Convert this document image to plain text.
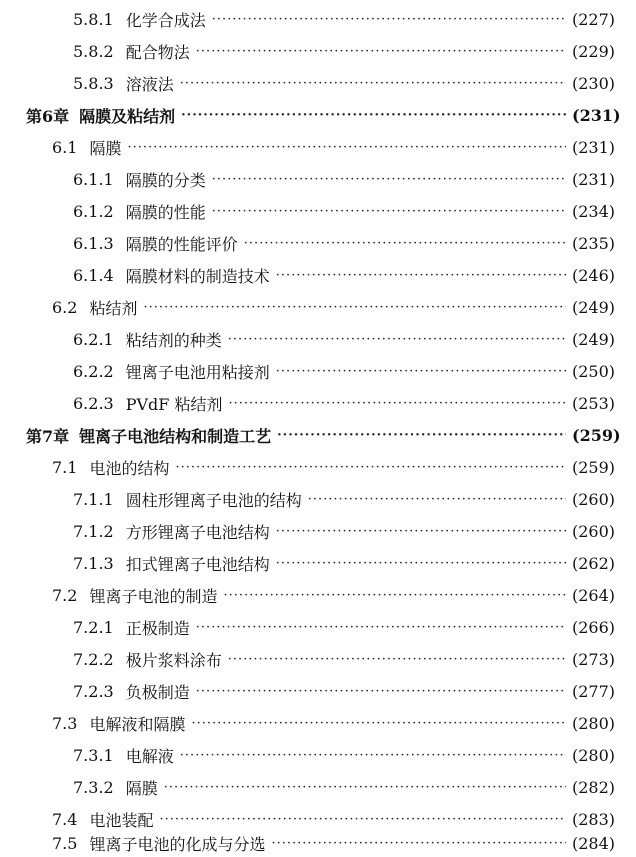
5.8.1 化学合成法 ·····	(227)
5.8.2 配合物法 ·····	(229)
5.8.3 溶液法 ·····	(230)
第6章 隔膜及粘结剂 ·····	(231)
6.1 隔膜 ·····	(231)
6.1.1 隔膜的分类 ·····	(231)
6.1.2 隔膜的性能 ·····	(234)
6.1.3 隔膜的性能评价 ·····	(235)
6.1.4 隔膜材料的制造技术 ·····	(246)
6.2 粘结剂 ·····	(249)
6.2.1 粘结剂的种类 ·····	(249)
6.2.2 锂离子电池用粘接剂 ·····	(250)
6.2.3 PVdF 粘结剂 ·····	(253)
第7章 锂离子电池结构和制造工艺 ·····	(259)
7.1 电池的结构 ·····	(259)
7.1.1 圆柱形锂离子电池的结构 ·····	(260)
7.1.2 方形锂离子电池结构 ·····	(260)
7.1.3 扣式锂离子电池结构 ·····	(262)
7.2 锂离子电池的制造 ·····	(264)
7.2.1 正极制造 ·····	(266)
7.2.2 极片浆料涂布 ·····	(273)
7.2.3 负极制造 ·····	(277)
7.3 电解液和隔膜 ·····	(280)
7.3.1 电解液 ·····	(280)
7.3.2 隔膜 ·····	(282)
7.4 电池装配 ·····	(283)
7.5 锂离子电池的化成与分选 ·····	(284)
